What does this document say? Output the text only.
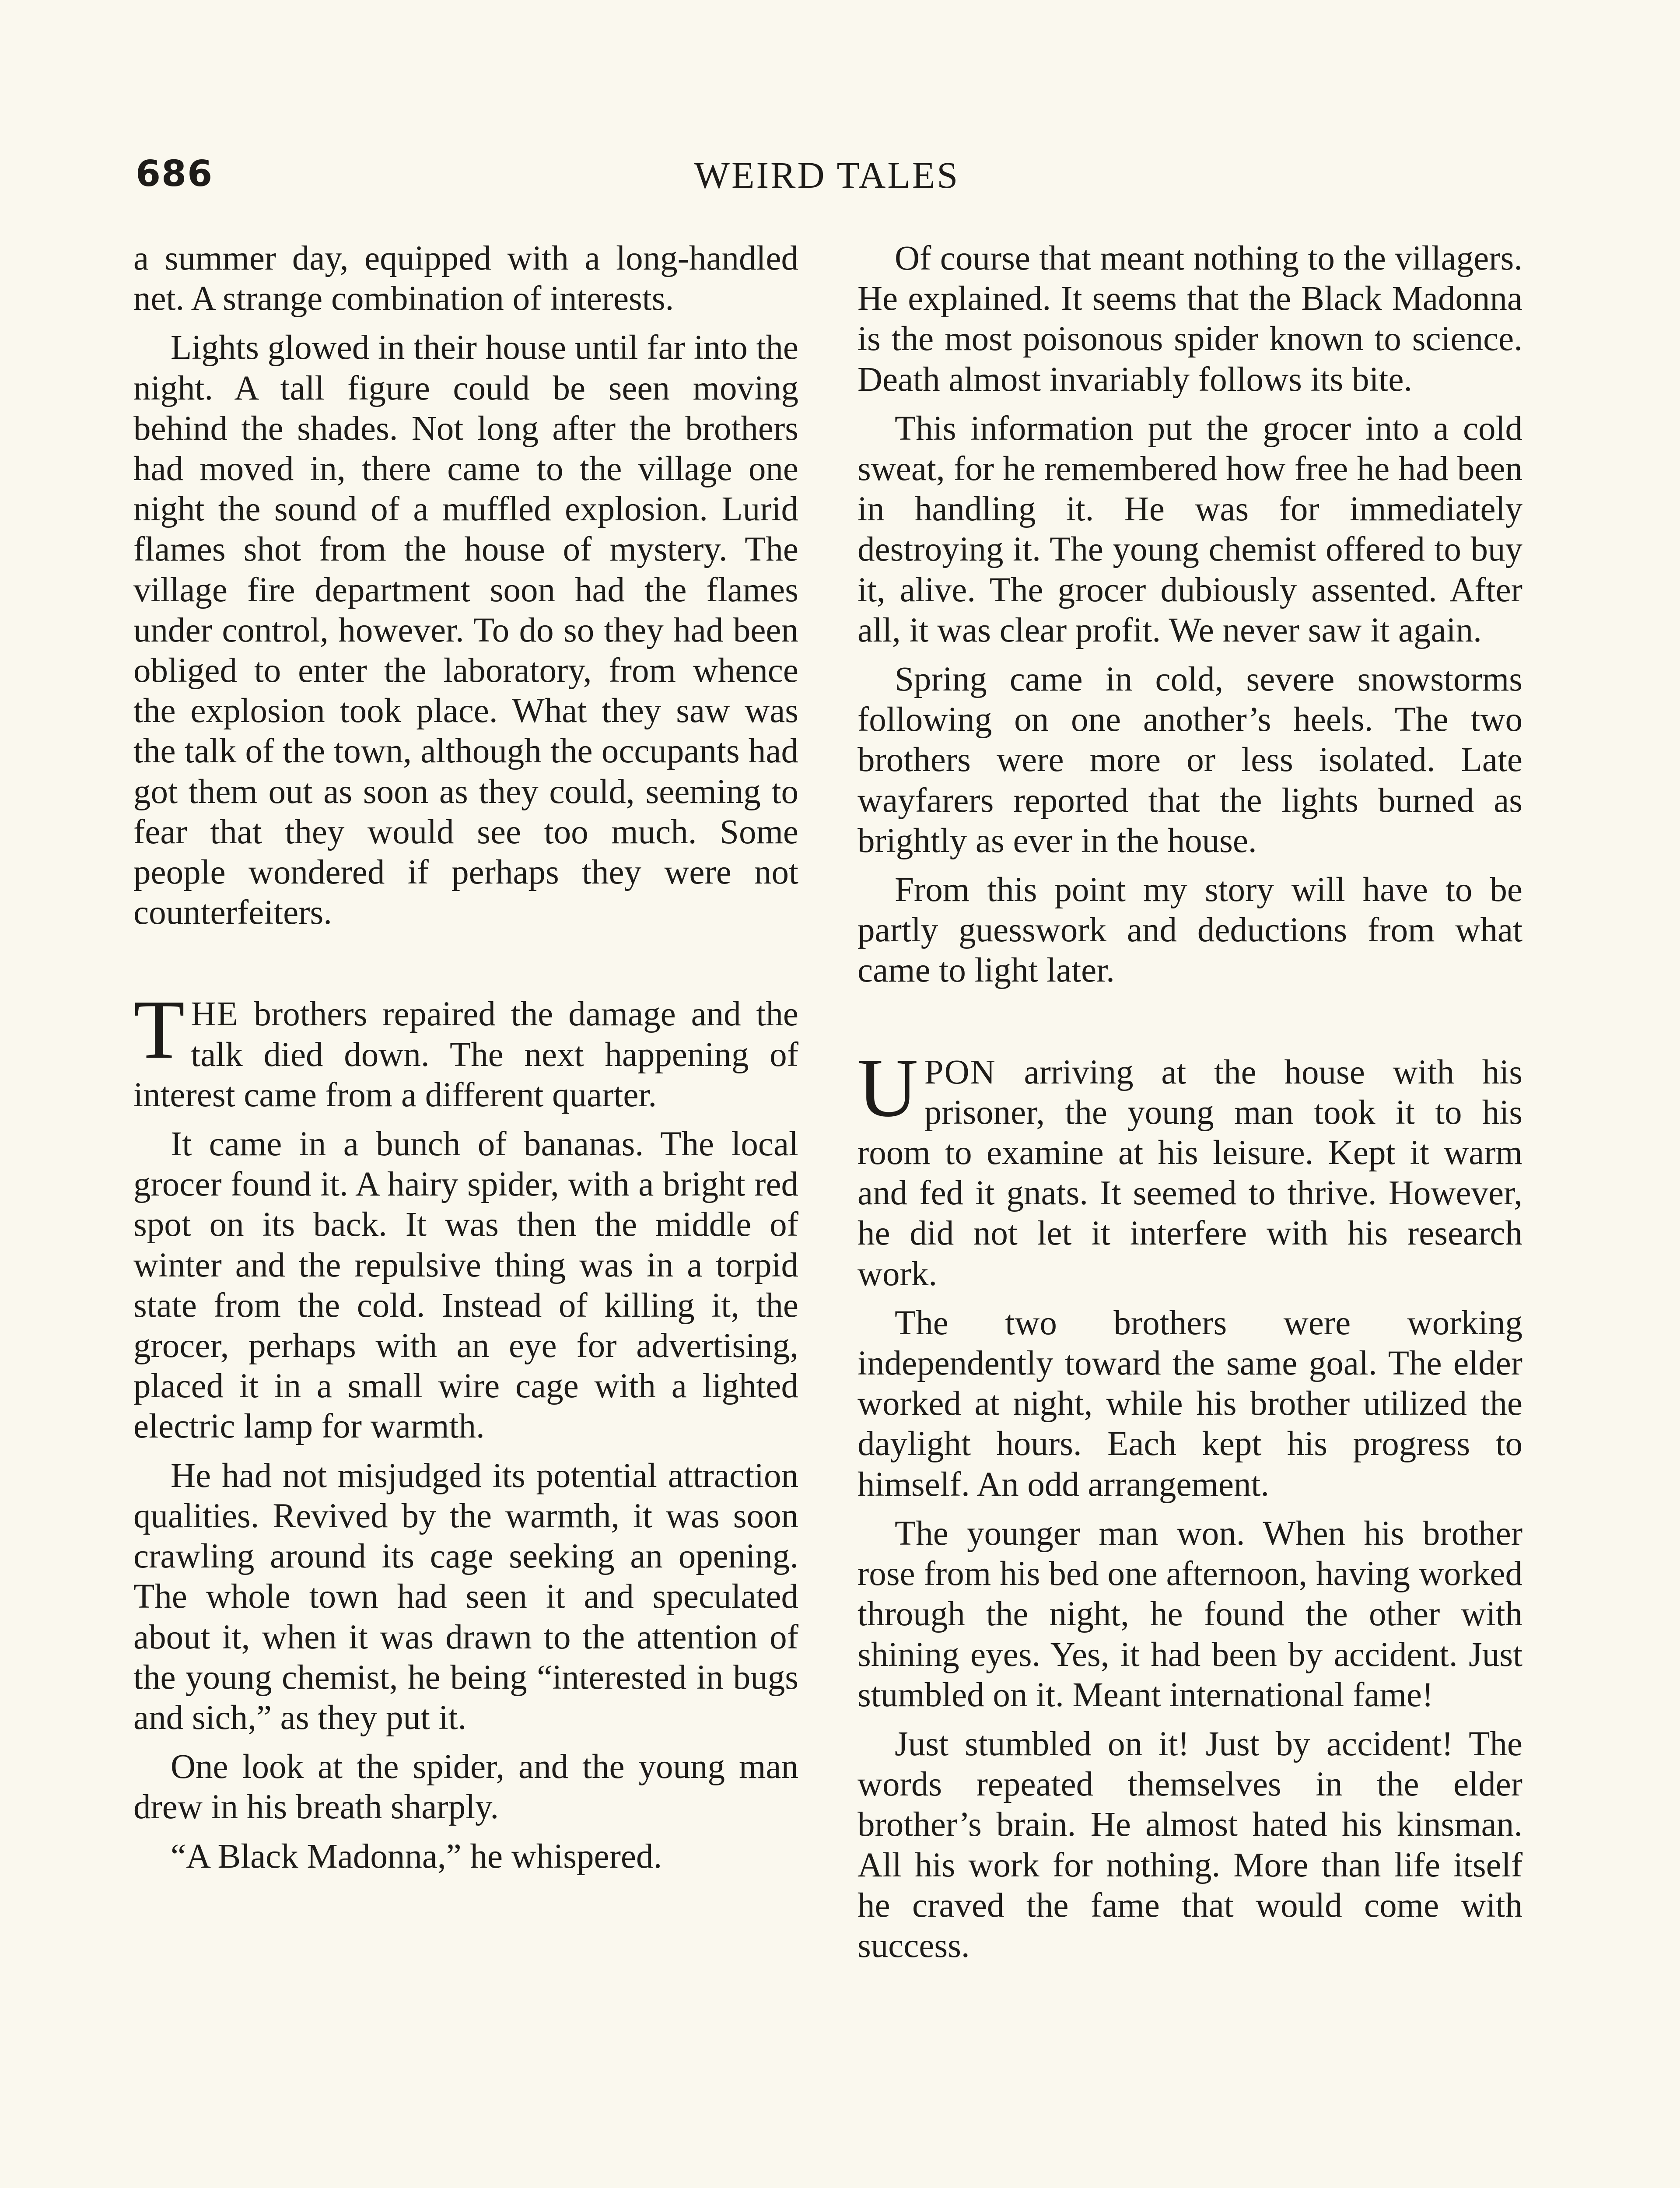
686	WEIRD TALES

a summer day, equipped with a long-handled net. A strange combination of interests.

Lights glowed in their house until far into the night. A tall figure could be seen moving behind the shades. Not long after the brothers had moved in, there came to the village one night the sound of a muffled explosion. Lurid flames shot from the house of mystery. The village fire department soon had the flames under control, however. To do so they had been obliged to enter the laboratory, from whence the explosion took place. What they saw was the talk of the town, although the occupants had got them out as soon as they could, seeming to fear that they would see too much. Some people wondered if perhaps they were not counterfeiters.

THE brothers repaired the damage and the talk died down. The next happening of interest came from a different quarter.

It came in a bunch of bananas. The local grocer found it. A hairy spider, with a bright red spot on its back. It was then the middle of winter and the repulsive thing was in a torpid state from the cold. Instead of killing it, the grocer, perhaps with an eye for advertising, placed it in a small wire cage with a lighted electric lamp for warmth.

He had not misjudged its potential attraction qualities. Revived by the warmth, it was soon crawling around its cage seeking an opening. The whole town had seen it and speculated about it, when it was drawn to the attention of the young chemist, he being “interested in bugs and sich,” as they put it.

One look at the spider, and the young man drew in his breath sharply.

“A Black Madonna,” he whispered.

Of course that meant nothing to the villagers. He explained. It seems that the Black Madonna is the most poisonous spider known to science. Death almost invariably follows its bite.

This information put the grocer into a cold sweat, for he remembered how free he had been in handling it. He was for immediately destroying it. The young chemist offered to buy it, alive. The grocer dubiously assented. After all, it was clear profit. We never saw it again.

Spring came in cold, severe snowstorms following on one another’s heels. The two brothers were more or less isolated. Late wayfarers reported that the lights burned as brightly as ever in the house.

From this point my story will have to be partly guesswork and deductions from what came to light later.

UPON arriving at the house with his prisoner, the young man took it to his room to examine at his leisure. Kept it warm and fed it gnats. It seemed to thrive. However, he did not let it interfere with his research work.

The two brothers were working independently toward the same goal. The elder worked at night, while his brother utilized the daylight hours. Each kept his progress to himself. An odd arrangement.

The younger man won. When his brother rose from his bed one afternoon, having worked through the night, he found the other with shining eyes. Yes, it had been by accident. Just stumbled on it. Meant international fame!

Just stumbled on it! Just by accident! The words repeated themselves in the elder brother’s brain. He almost hated his kinsman. All his work for nothing. More than life itself he craved the fame that would come with success.
